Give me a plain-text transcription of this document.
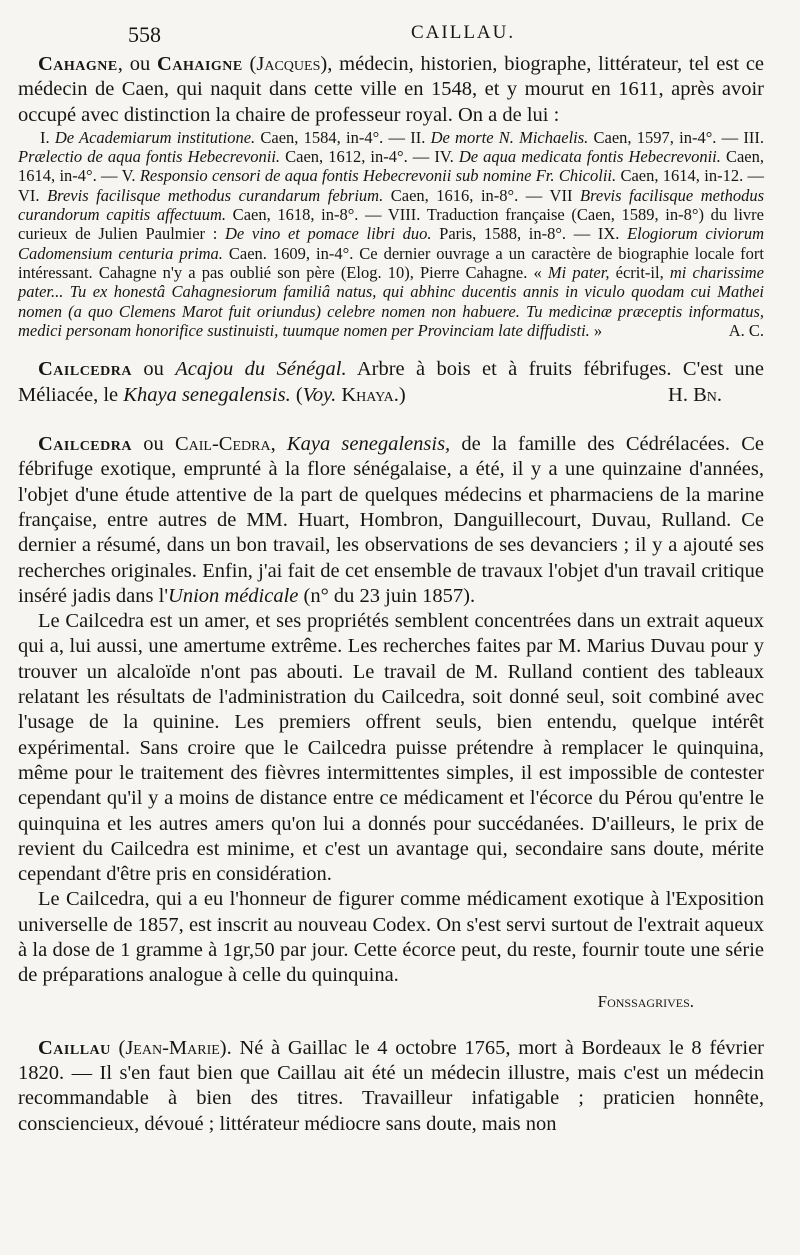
558	CAILLAU.

Cahagne, ou Cahaigne (Jacques), médecin, historien, biographe, littérateur, tel est ce médecin de Caen, qui naquit dans cette ville en 1548, et y mourut en 1611, après avoir occupé avec distinction la chaire de professeur royal. On a de lui :

I. De Academiarum institutione. Caen, 1584, in-4°. — II. De morte N. Michaelis. Caen, 1597, in-4°. — III. Prælectio de aqua fontis Hebecrevonii. Caen, 1612, in-4°. — IV. De aqua medicata fontis Hebecrevonii. Caen, 1614, in-4°. — V. Responsio censori de aqua fontis Hebecrevonii sub nomine Fr. Chicolii. Caen, 1614, in-12. — VI. Brevis facilisque methodus curandarum febrium. Caen, 1616, in-8°. — VII Brevis facilisque methodus curandorum capitis affectuum. Caen, 1618, in-8°. — VIII. Traduction française (Caen, 1589, in-8°) du livre curieux de Julien Paulmier : De vino et pomace libri duo. Paris, 1588, in-8°. — IX. Elogiorum civiorum Cadomensium centuria prima. Caen. 1609, in-4°. Ce dernier ouvrage a un caractère de biographie locale fort intéressant. Cahagne n'y a pas oublié son père (Elog. 10), Pierre Cahagne. « Mi pater, écrit-il, mi charissime pater... Tu ex honestâ Cahagnesiorum familiâ natus, qui abhinc ducentis annis in viculo quodam cui Mathei nomen (a quo Clemens Marot fuit oriundus) celebre nomen non habuere. Tu medicinæ præceptis informatus, medici personam honorifice sustinuisti, tuumque nomen per Provinciam late diffudisti. »	A. C.

Cailcedra ou Acajou du Sénégal. Arbre à bois et à fruits fébrifuges. C'est une Méliacée, le Khaya senegalensis. (Voy. Khaya.)	H. Bn.

Cailcedra ou Cail-Cedra, Kaya senegalensis, de la famille des Cédrélacées. Ce fébrifuge exotique, emprunté à la flore sénégalaise, a été, il y a une quinzaine d'années, l'objet d'une étude attentive de la part de quelques médecins et pharmaciens de la marine française, entre autres de MM. Huart, Hombron, Danguillecourt, Duvau, Rulland. Ce dernier a résumé, dans un bon travail, les observations de ses devanciers ; il y a ajouté ses recherches originales. Enfin, j'ai fait de cet ensemble de travaux l'objet d'un travail critique inséré jadis dans l'Union médicale (n° du 23 juin 1857).

Le Cailcedra est un amer, et ses propriétés semblent concentrées dans un extrait aqueux qui a, lui aussi, une amertume extrême. Les recherches faites par M. Marius Duvau pour y trouver un alcaloïde n'ont pas abouti. Le travail de M. Rulland contient des tableaux relatant les résultats de l'administration du Cailcedra, soit donné seul, soit combiné avec l'usage de la quinine. Les premiers offrent seuls, bien entendu, quelque intérêt expérimental. Sans croire que le Cailcedra puisse prétendre à remplacer le quinquina, même pour le traitement des fièvres intermittentes simples, il est impossible de contester cependant qu'il y a moins de distance entre ce médicament et l'écorce du Pérou qu'entre le quinquina et les autres amers qu'on lui a donnés pour succédanées. D'ailleurs, le prix de revient du Cailcedra est minime, et c'est un avantage qui, secondaire sans doute, mérite cependant d'être pris en considération.

Le Cailcedra, qui a eu l'honneur de figurer comme médicament exotique à l'Exposition universelle de 1857, est inscrit au nouveau Codex. On s'est servi surtout de l'extrait aqueux à la dose de 1 gramme à 1gr,50 par jour. Cette écorce peut, du reste, fournir toute une série de préparations analogue à celle du quinquina.

Fonssagrives.

Caillau (Jean-Marie). Né à Gaillac le 4 octobre 1765, mort à Bordeaux le 8 février 1820. — Il s'en faut bien que Caillau ait été un médecin illustre, mais c'est un médecin recommandable à bien des titres. Travailleur infatigable ; praticien honnête, consciencieux, dévoué ; littérateur médiocre sans doute, mais non
